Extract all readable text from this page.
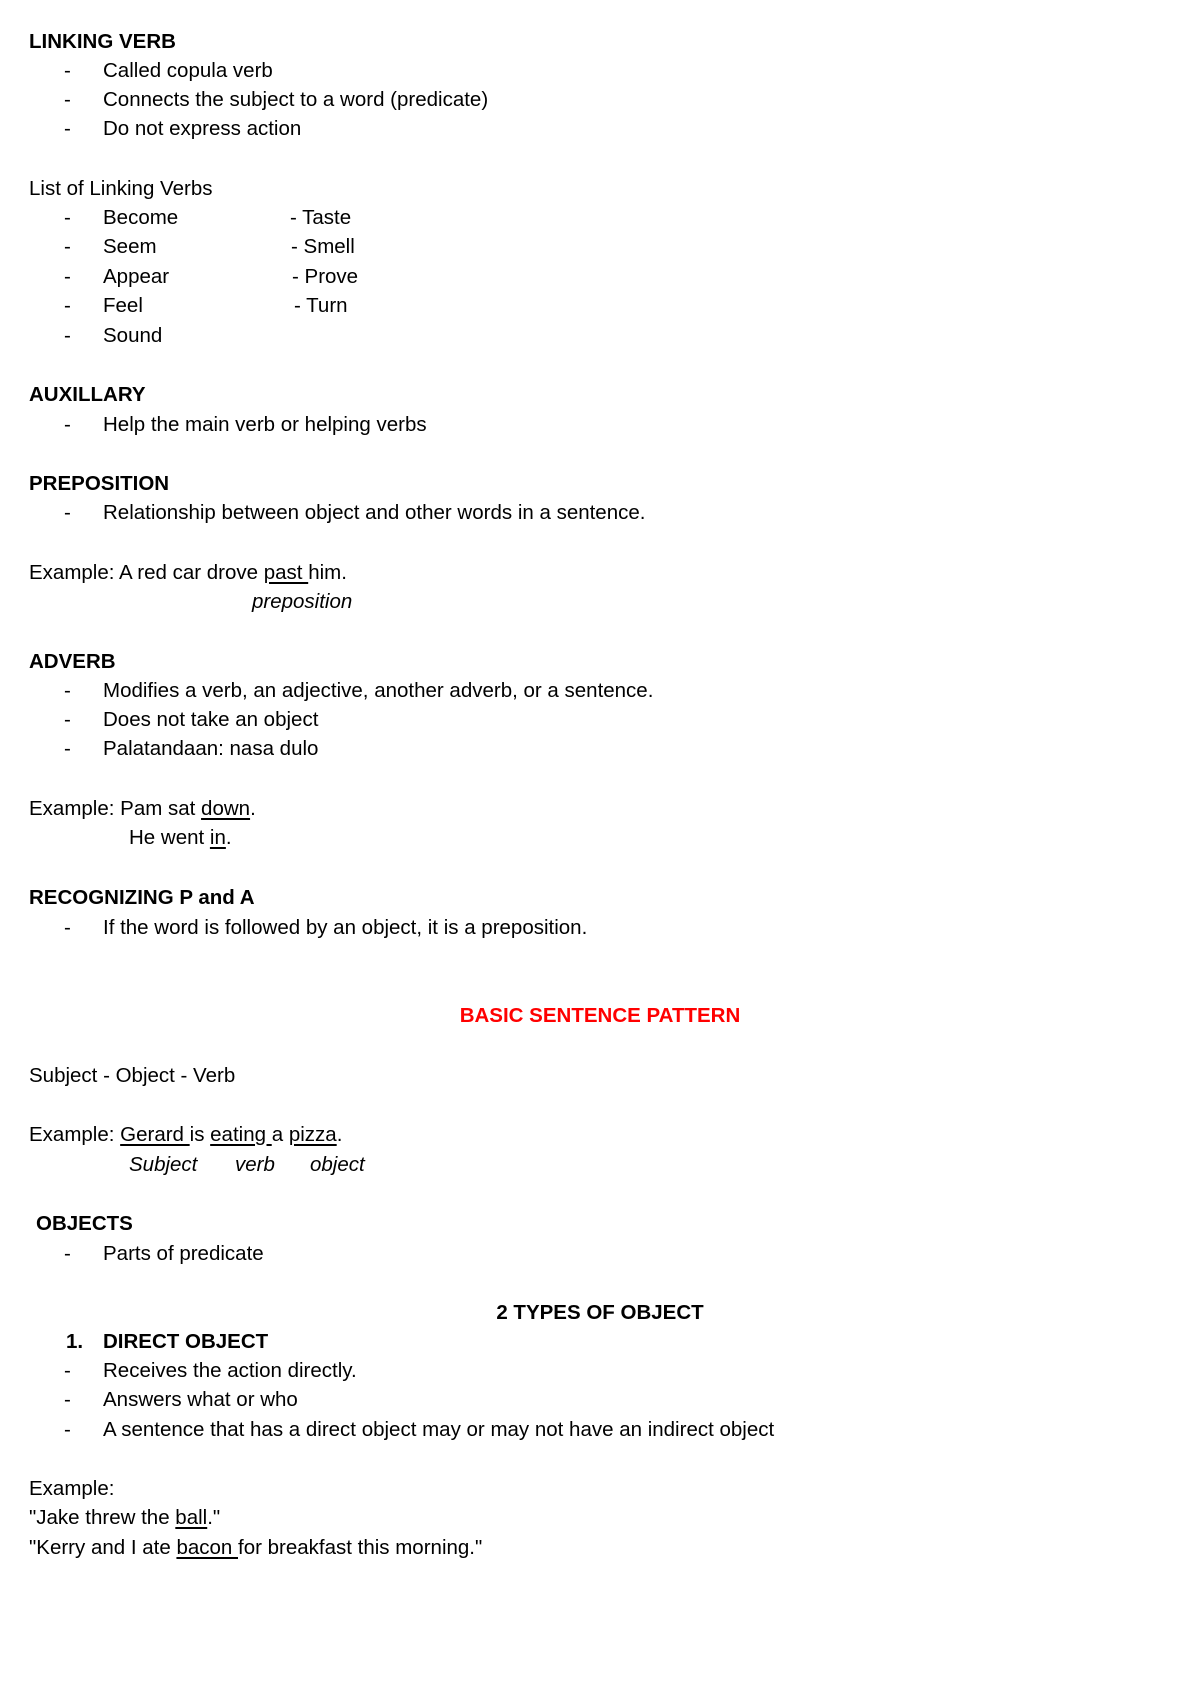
LINKING VERB
- Called copula verb
- Connects the subject to a word (predicate)
- Do not express action
List of Linking Verbs
- Become	- Taste
- Seem	- Smell
- Appear	- Prove
- Feel	- Turn
- Sound
AUXILLARY
- Help the main verb or helping verbs
PREPOSITION
- Relationship between object and other words in a sentence.
Example: A red car drove past him.
preposition
ADVERB
- Modifies a verb, an adjective, another adverb, or a sentence.
- Does not take an object
- Palatandaan: nasa dulo
Example: Pam sat down.
He went in.
RECOGNIZING P and A
- If the word is followed by an object, it is a preposition.
BASIC SENTENCE PATTERN
Subject - Object - Verb
Example: Gerard is eating a pizza.
Subject verb object
OBJECTS
- Parts of predicate
2 TYPES OF OBJECT
1. DIRECT OBJECT
- Receives the action directly.
- Answers what or who
- A sentence that has a direct object may or may not have an indirect object
Example:
"Jake threw the ball."
"Kerry and I ate bacon for breakfast this morning."
